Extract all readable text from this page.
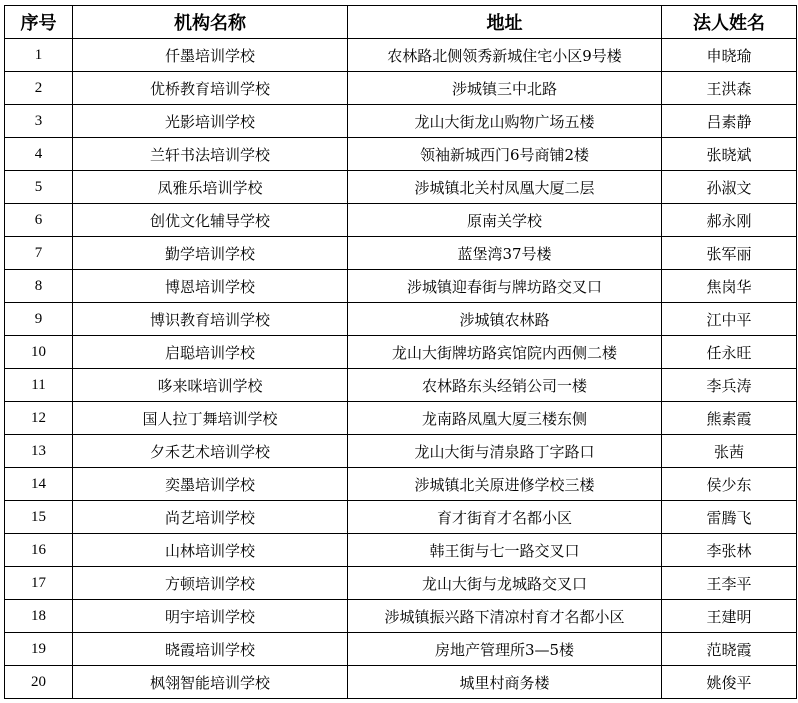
序号	机构名称	地址	法人姓名
1	仟墨培训学校	农林路北侧领秀新城住宅小区9号楼	申晓瑜
2	优桥教育培训学校	涉城镇三中北路	王洪森
3	光影培训学校	龙山大街龙山购物广场五楼	吕素静
4	兰轩书法培训学校	领袖新城西门6号商铺2楼	张晓斌
5	凤雅乐培训学校	涉城镇北关村凤凰大厦二层	孙淑文
6	创优文化辅导学校	原南关学校	郝永刚
7	勤学培训学校	蓝堡湾37号楼	张军丽
8	博恩培训学校	涉城镇迎春街与牌坊路交叉口	焦岗华
9	博识教育培训学校	涉城镇农林路	江中平
10	启聪培训学校	龙山大街牌坊路宾馆院内西侧二楼	任永旺
11	哆来咪培训学校	农林路东头经销公司一楼	李兵涛
12	国人拉丁舞培训学校	龙南路凤凰大厦三楼东侧	熊素霞
13	夕禾艺术培训学校	龙山大街与清泉路丁字路口	张茜
14	奕墨培训学校	涉城镇北关原进修学校三楼	侯少东
15	尚艺培训学校	育才街育才名都小区	雷腾飞
16	山林培训学校	韩王街与七一路交叉口	李张林
17	方顿培训学校	龙山大街与龙城路交叉口	王李平
18	明宇培训学校	涉城镇振兴路下清凉村育才名都小区	王建明
19	晓霞培训学校	房地产管理所3—5楼	范晓霞
20	枫翎智能培训学校	城里村商务楼	姚俊平
